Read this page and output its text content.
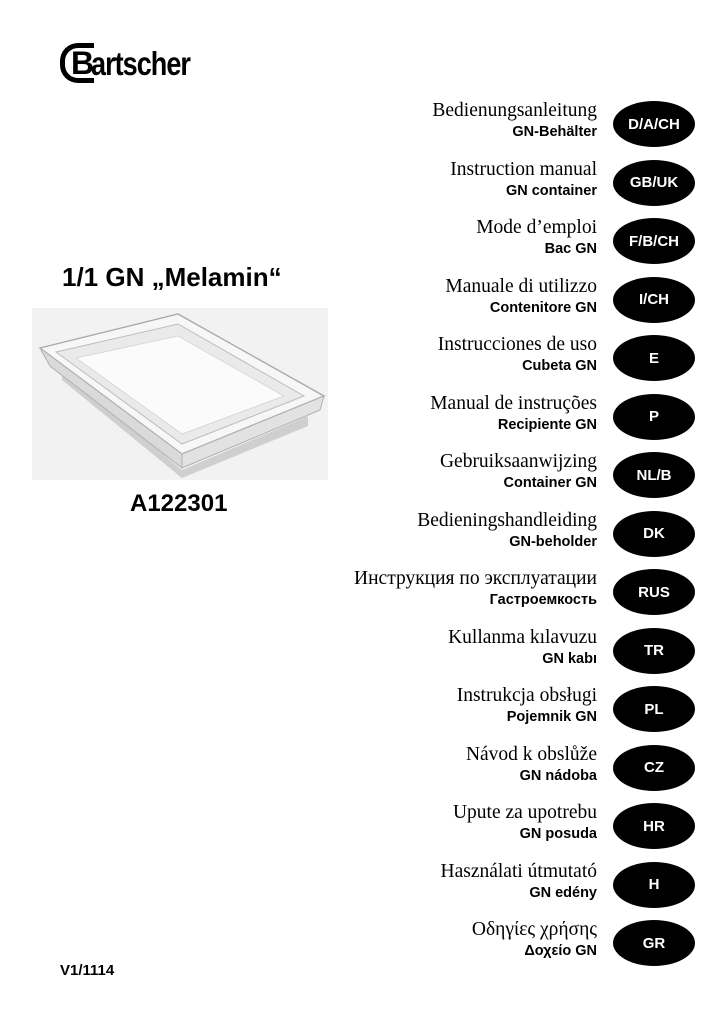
B
artscher
1/1 GN „Melamin“
A122301
Bedienungsanleitung
GN-Behälter	D/A/CH
Instruction manual
GN container	GB/UK
Mode d’emploi
Bac GN	F/B/CH
Manuale di utilizzo
Contenitore GN	I/CH
Instrucciones de uso
Cubeta GN	E
Manual de instruções
Recipiente GN	P
Gebruiksaanwijzing
Container GN	NL/B
Bedieningshandleiding
GN-beholder	DK
Инструкция по эксплуатации
Гастроемкость	RUS
Kullanma kılavuzu
GN kabı	TR
Instrukcja obsługi
Pojemnik GN	PL
Návod k obslůže
GN nádoba	CZ
Upute za upotrebu
GN posuda	HR
Használati útmutató
GN edény	H
Οδηγίες χρήσης
Δοχείο GN	GR
V1/1114
